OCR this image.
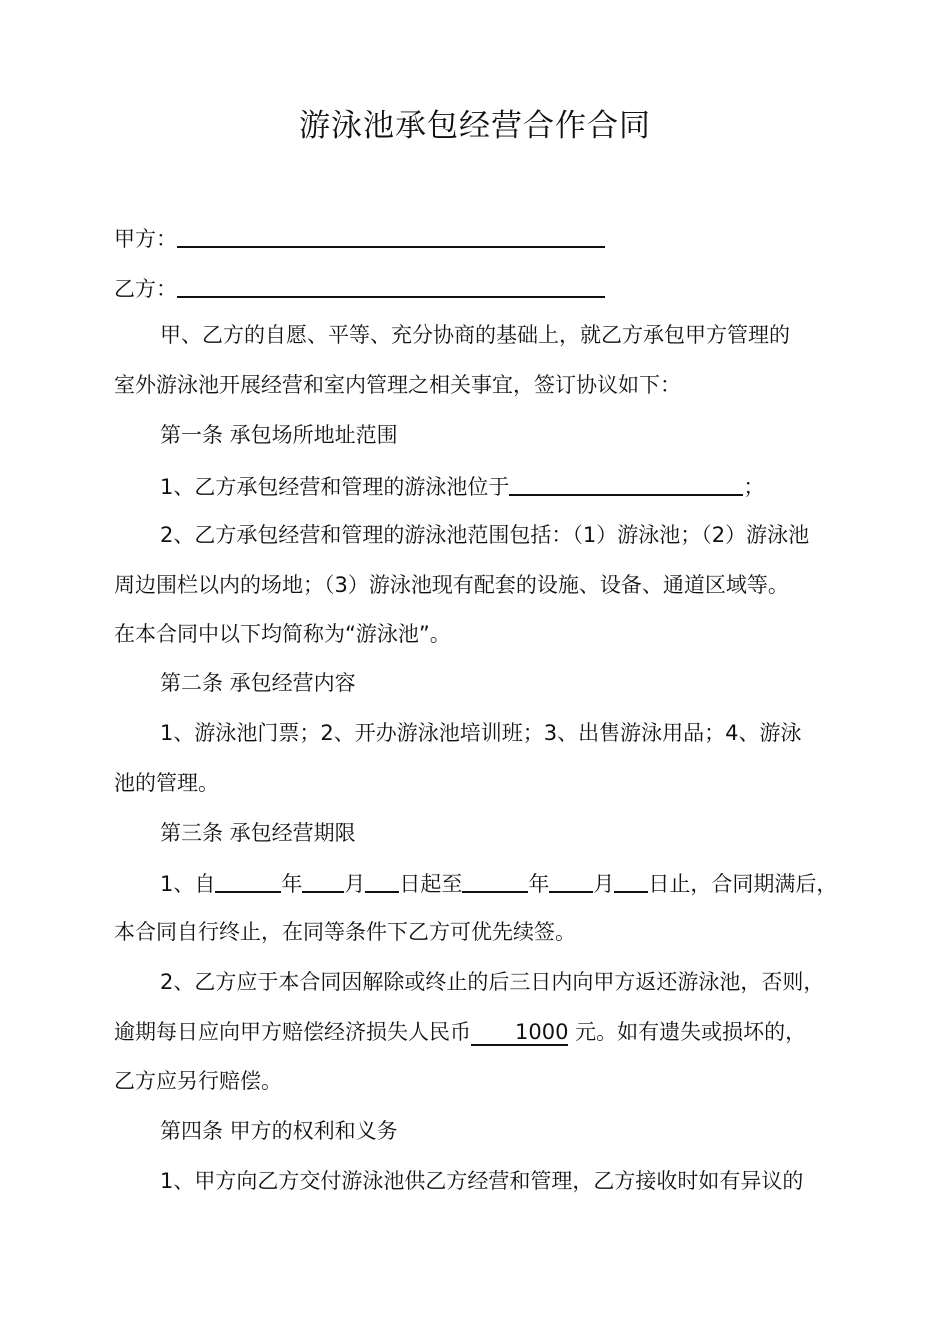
游泳池承包经营合作合同
甲方：
乙方：
甲、乙方的自愿、平等、充分协商的基础上，就乙方承包甲方管理的
室外游泳池开展经营和室内管理之相关事宜，签订协议如下：
第一条 承包场所地址范围
1、乙方承包经营和管理的游泳池位于	；
2、乙方承包经营和管理的游泳池范围包括：（1）游泳池；（2）游泳池
周边围栏以内的场地；（3）游泳池现有配套的设施、设备、通道区域等。
在本合同中以下均简称为“游泳池”。
第二条 承包经营内容
1、游泳池门票；2、开办游泳池培训班；3、出售游泳用品；4、游泳
池的管理。
第三条 承包经营期限
1、自	年 月 日起至	年 月 日止，合同期满后，
本合同自行终止，在同等条件下乙方可优先续签。
2、乙方应于本合同因解除或终止的后三日内向甲方返还游泳池，否则，
逾期每日应向甲方赔偿经济损失人民币 1000 元。如有遗失或损坏的，
乙方应另行赔偿。
第四条 甲方的权利和义务
1、甲方向乙方交付游泳池供乙方经营和管理，乙方接收时如有异议的
